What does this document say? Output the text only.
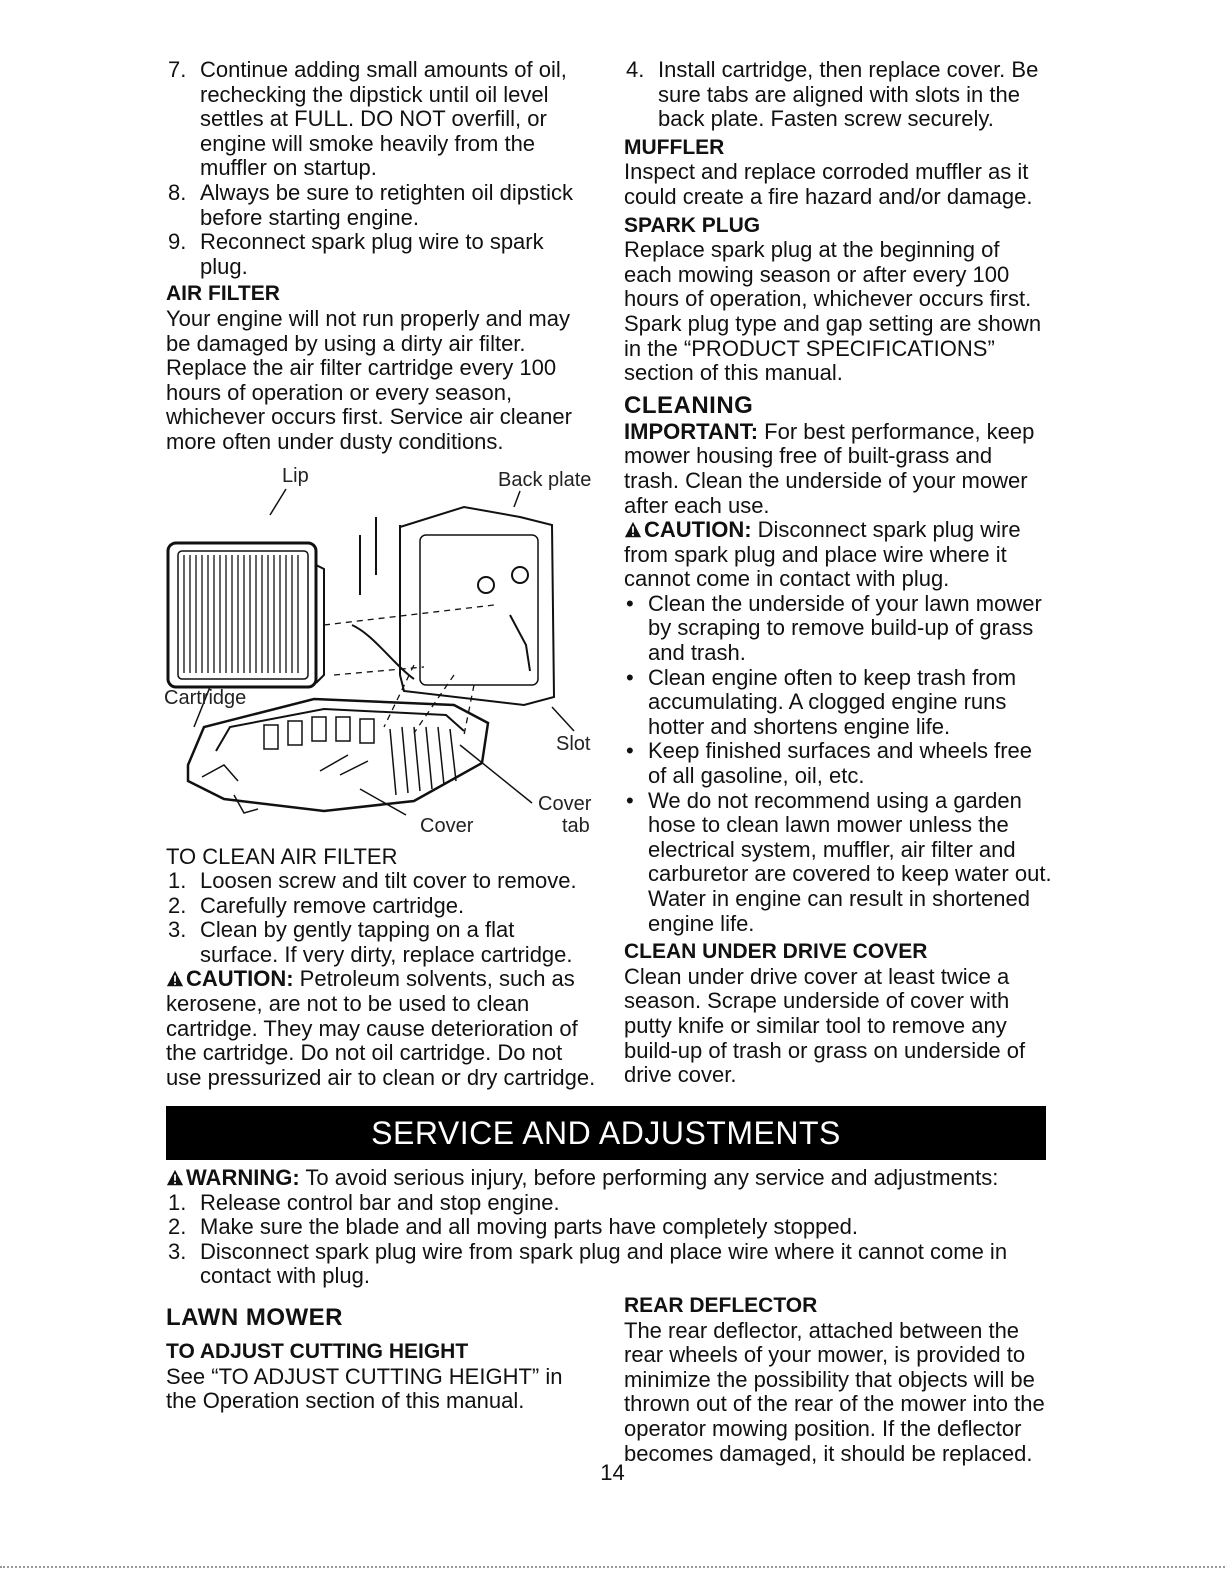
7. Continue adding small amounts of oil, rechecking the dipstick until oil level settles at FULL. DO NOT overfill, or engine will smoke heavily from the muffler on startup.
8. Always be sure to retighten oil dipstick before starting engine.
9. Reconnect spark plug wire to spark plug.

AIR FILTER

Your engine will not run properly and may be damaged by using a dirty air filter. Replace the air filter cartridge every 100 hours of operation or every season, whichever occurs first. Service air cleaner more often under dusty conditions.

Lip	Back plate
Cartridge
Slot
Cover
tab
Cover

TO CLEAN AIR FILTER

1. Loosen screw and tilt cover to remove.
2. Carefully remove cartridge.
3. Clean by gently tapping on a flat surface. If very dirty, replace cartridge.

CAUTION: Petroleum solvents, such as kerosene, are not to be used to clean cartridge. They may cause deterioration of the cartridge. Do not oil cartridge. Do not use pressurized air to clean or dry cartridge.

4. Install cartridge, then replace cover. Be sure tabs are aligned with slots in the back plate. Fasten screw securely.

MUFFLER

Inspect and replace corroded muffler as it could create a fire hazard and/or damage.

SPARK PLUG

Replace spark plug at the beginning of each mowing season or after every 100 hours of operation, whichever occurs first. Spark plug type and gap setting are shown in the “PRODUCT SPECIFICATIONS” section of this manual.

CLEANING

IMPORTANT: For best performance, keep mower housing free of built-grass and trash. Clean the underside of your mower after each use.

CAUTION: Disconnect spark plug wire from spark plug and place wire where it cannot come in contact with plug.

• Clean the underside of your lawn mower by scraping to remove build-up of grass and trash.
• Clean engine often to keep trash from accumulating. A clogged engine runs hotter and shortens engine life.
• Keep finished surfaces and wheels free of all gasoline, oil, etc.
• We do not recommend using a garden hose to clean lawn mower unless the electrical system, muffler, air filter and carburetor are covered to keep water out. Water in engine can result in shortened engine life.

CLEAN UNDER DRIVE COVER

Clean under drive cover at least twice a season. Scrape underside of cover with putty knife or similar tool to remove any build-up of trash or grass on underside of drive cover.

SERVICE AND ADJUSTMENTS

WARNING: To avoid serious injury, before performing any service and adjustments:

1. Release control bar and stop engine.
2. Make sure the blade and all moving parts have completely stopped.
3. Disconnect spark plug wire from spark plug and place wire where it cannot come in contact with plug.

LAWN MOWER

TO ADJUST CUTTING HEIGHT

See “TO ADJUST CUTTING HEIGHT” in the Operation section of this manual.

REAR DEFLECTOR

The rear deflector, attached between the rear wheels of your mower, is provided to minimize the possibility that objects will be thrown out of the rear of the mower into the operator mowing position. If the deflector becomes damaged, it should be replaced.

14
